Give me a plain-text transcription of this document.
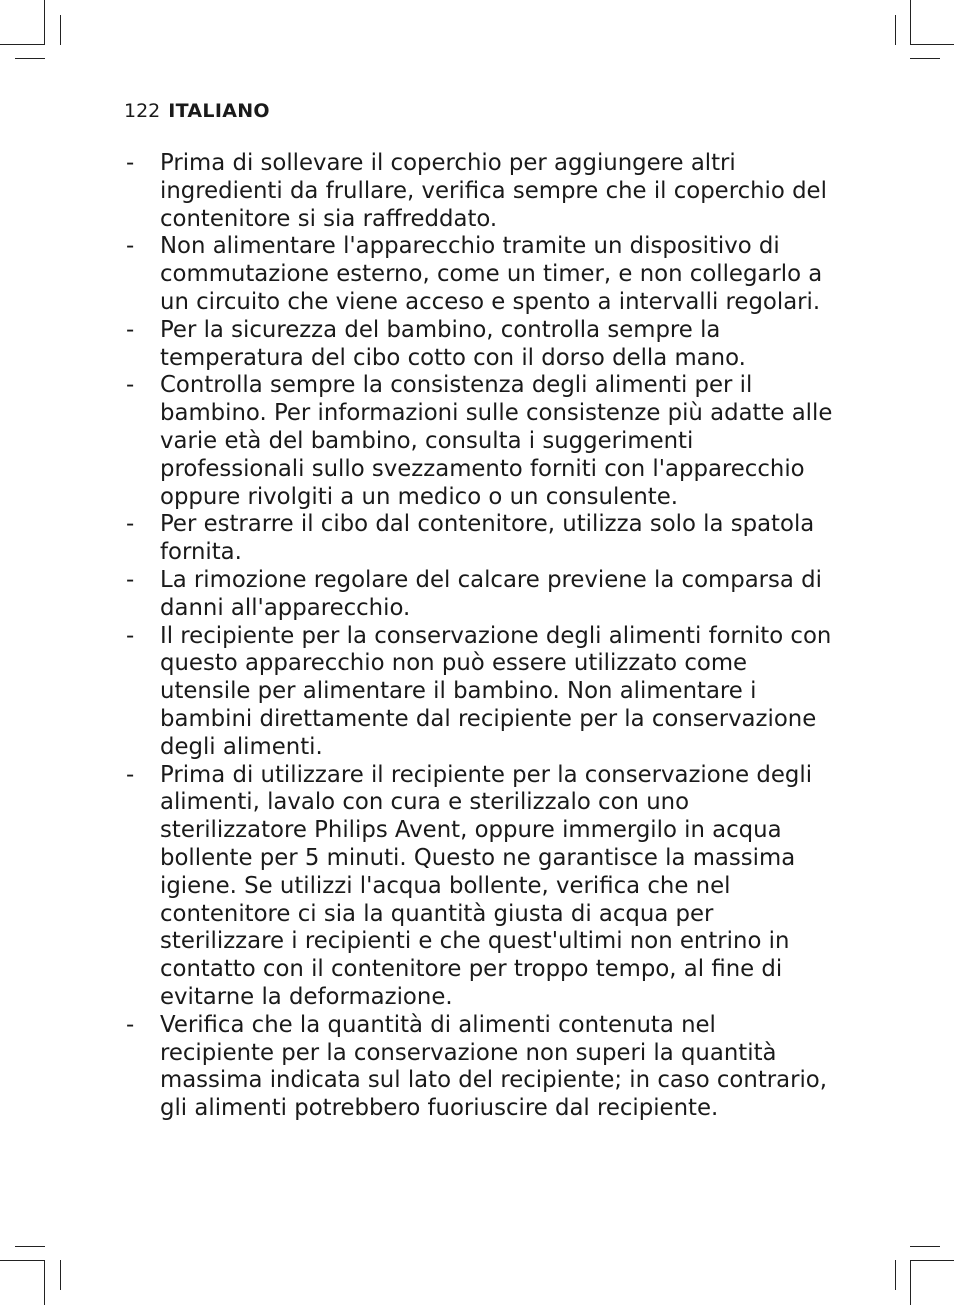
122 ITALIANO
- Prima di sollevare il coperchio per aggiungere altri ingredienti da frullare, verifica sempre che il coperchio del contenitore si sia raffreddato.
- Non alimentare l'apparecchio tramite un dispositivo di commutazione esterno, come un timer, e non collegarlo a un circuito che viene acceso e spento a intervalli regolari.
- Per la sicurezza del bambino, controlla sempre la temperatura del cibo cotto con il dorso della mano.
- Controlla sempre la consistenza degli alimenti per il bambino. Per informazioni sulle consistenze più adatte alle varie età del bambino, consulta i suggerimenti professionali sullo svezzamento forniti con l'apparecchio oppure rivolgiti a un medico o un consulente.
- Per estrarre il cibo dal contenitore, utilizza solo la spatola fornita.
- La rimozione regolare del calcare previene la comparsa di danni all'apparecchio.
- Il recipiente per la conservazione degli alimenti fornito con questo apparecchio non può essere utilizzato come utensile per alimentare il bambino. Non alimentare i bambini direttamente dal recipiente per la conservazione degli alimenti.
- Prima di utilizzare il recipiente per la conservazione degli alimenti, lavalo con cura e sterilizzalo con uno sterilizzatore Philips Avent, oppure immergilo in acqua bollente per 5 minuti. Questo ne garantisce la massima igiene. Se utilizzi l'acqua bollente, verifica che nel contenitore ci sia la quantità giusta di acqua per sterilizzare i recipienti e che quest'ultimi non entrino in contatto con il contenitore per troppo tempo, al fine di evitarne la deformazione.
- Verifica che la quantità di alimenti contenuta nel recipiente per la conservazione non superi la quantità massima indicata sul lato del recipiente; in caso contrario, gli alimenti potrebbero fuoriuscire dal recipiente.
